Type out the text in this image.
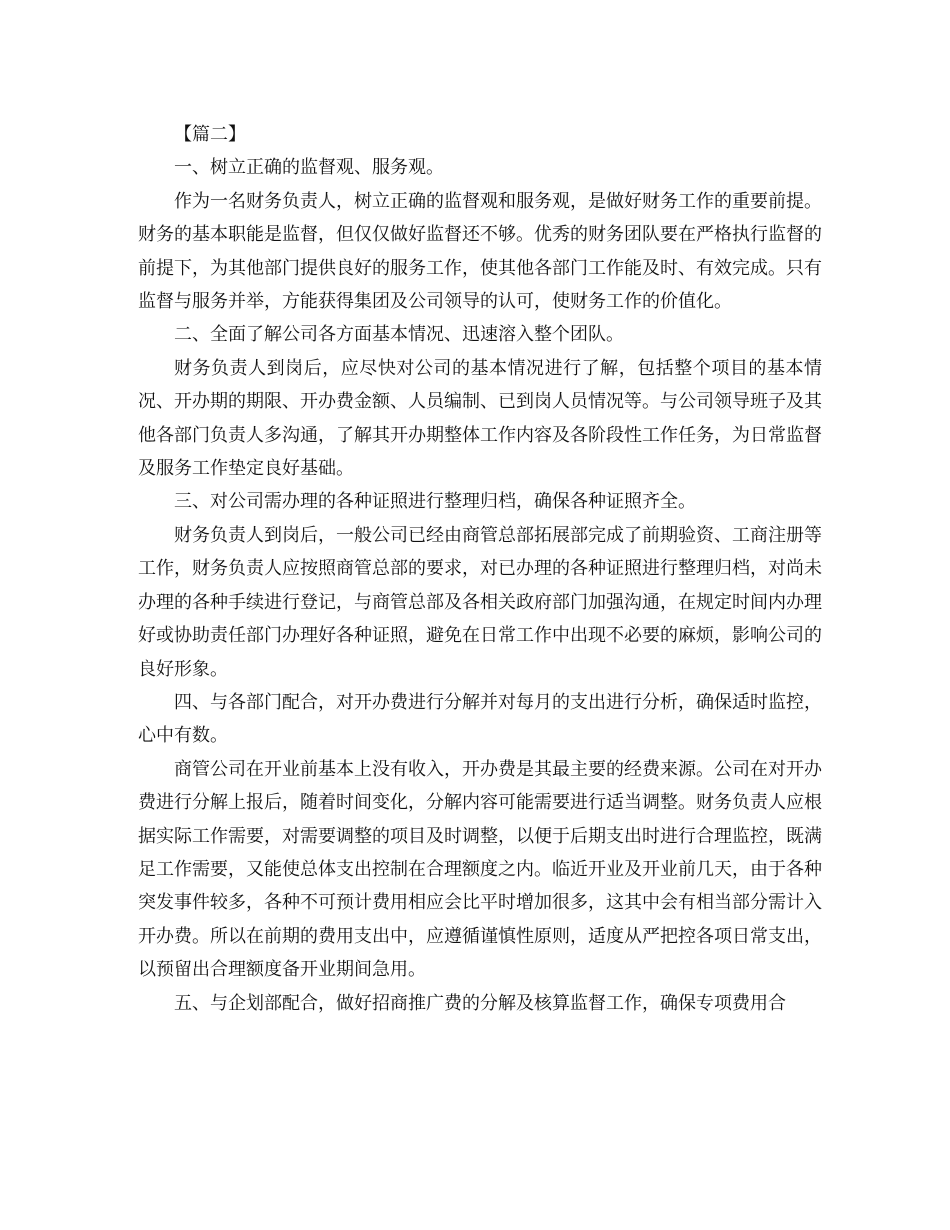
【篇二】

一、树立正确的监督观、服务观。

作为一名财务负责人，树立正确的监督观和服务观，是做好财务工作的重要前提。财务的基本职能是监督，但仅仅做好监督还不够。优秀的财务团队要在严格执行监督的前提下，为其他部门提供良好的服务工作，使其他各部门工作能及时、有效完成。只有监督与服务并举，方能获得集团及公司领导的认可，使财务工作的价值化。

二、全面了解公司各方面基本情况、迅速溶入整个团队。

财务负责人到岗后，应尽快对公司的基本情况进行了解，包括整个项目的基本情况、开办期的期限、开办费金额、人员编制、已到岗人员情况等。与公司领导班子及其他各部门负责人多沟通，了解其开办期整体工作内容及各阶段性工作任务，为日常监督及服务工作垫定良好基础。

三、对公司需办理的各种证照进行整理归档，确保各种证照齐全。

财务负责人到岗后，一般公司已经由商管总部拓展部完成了前期验资、工商注册等工作，财务负责人应按照商管总部的要求，对已办理的各种证照进行整理归档，对尚未办理的各种手续进行登记，与商管总部及各相关政府部门加强沟通，在规定时间内办理好或协助责任部门办理好各种证照，避免在日常工作中出现不必要的麻烦，影响公司的良好形象。

四、与各部门配合，对开办费进行分解并对每月的支出进行分析，确保适时监控，心中有数。

商管公司在开业前基本上没有收入，开办费是其最主要的经费来源。公司在对开办费进行分解上报后，随着时间变化，分解内容可能需要进行适当调整。财务负责人应根据实际工作需要，对需要调整的项目及时调整，以便于后期支出时进行合理监控，既满足工作需要，又能使总体支出控制在合理额度之内。临近开业及开业前几天，由于各种突发事件较多，各种不可预计费用相应会比平时增加很多，这其中会有相当部分需计入开办费。所以在前期的费用支出中，应遵循谨慎性原则，适度从严把控各项日常支出，以预留出合理额度备开业期间急用。

五、与企划部配合，做好招商推广费的分解及核算监督工作，确保专项费用合
